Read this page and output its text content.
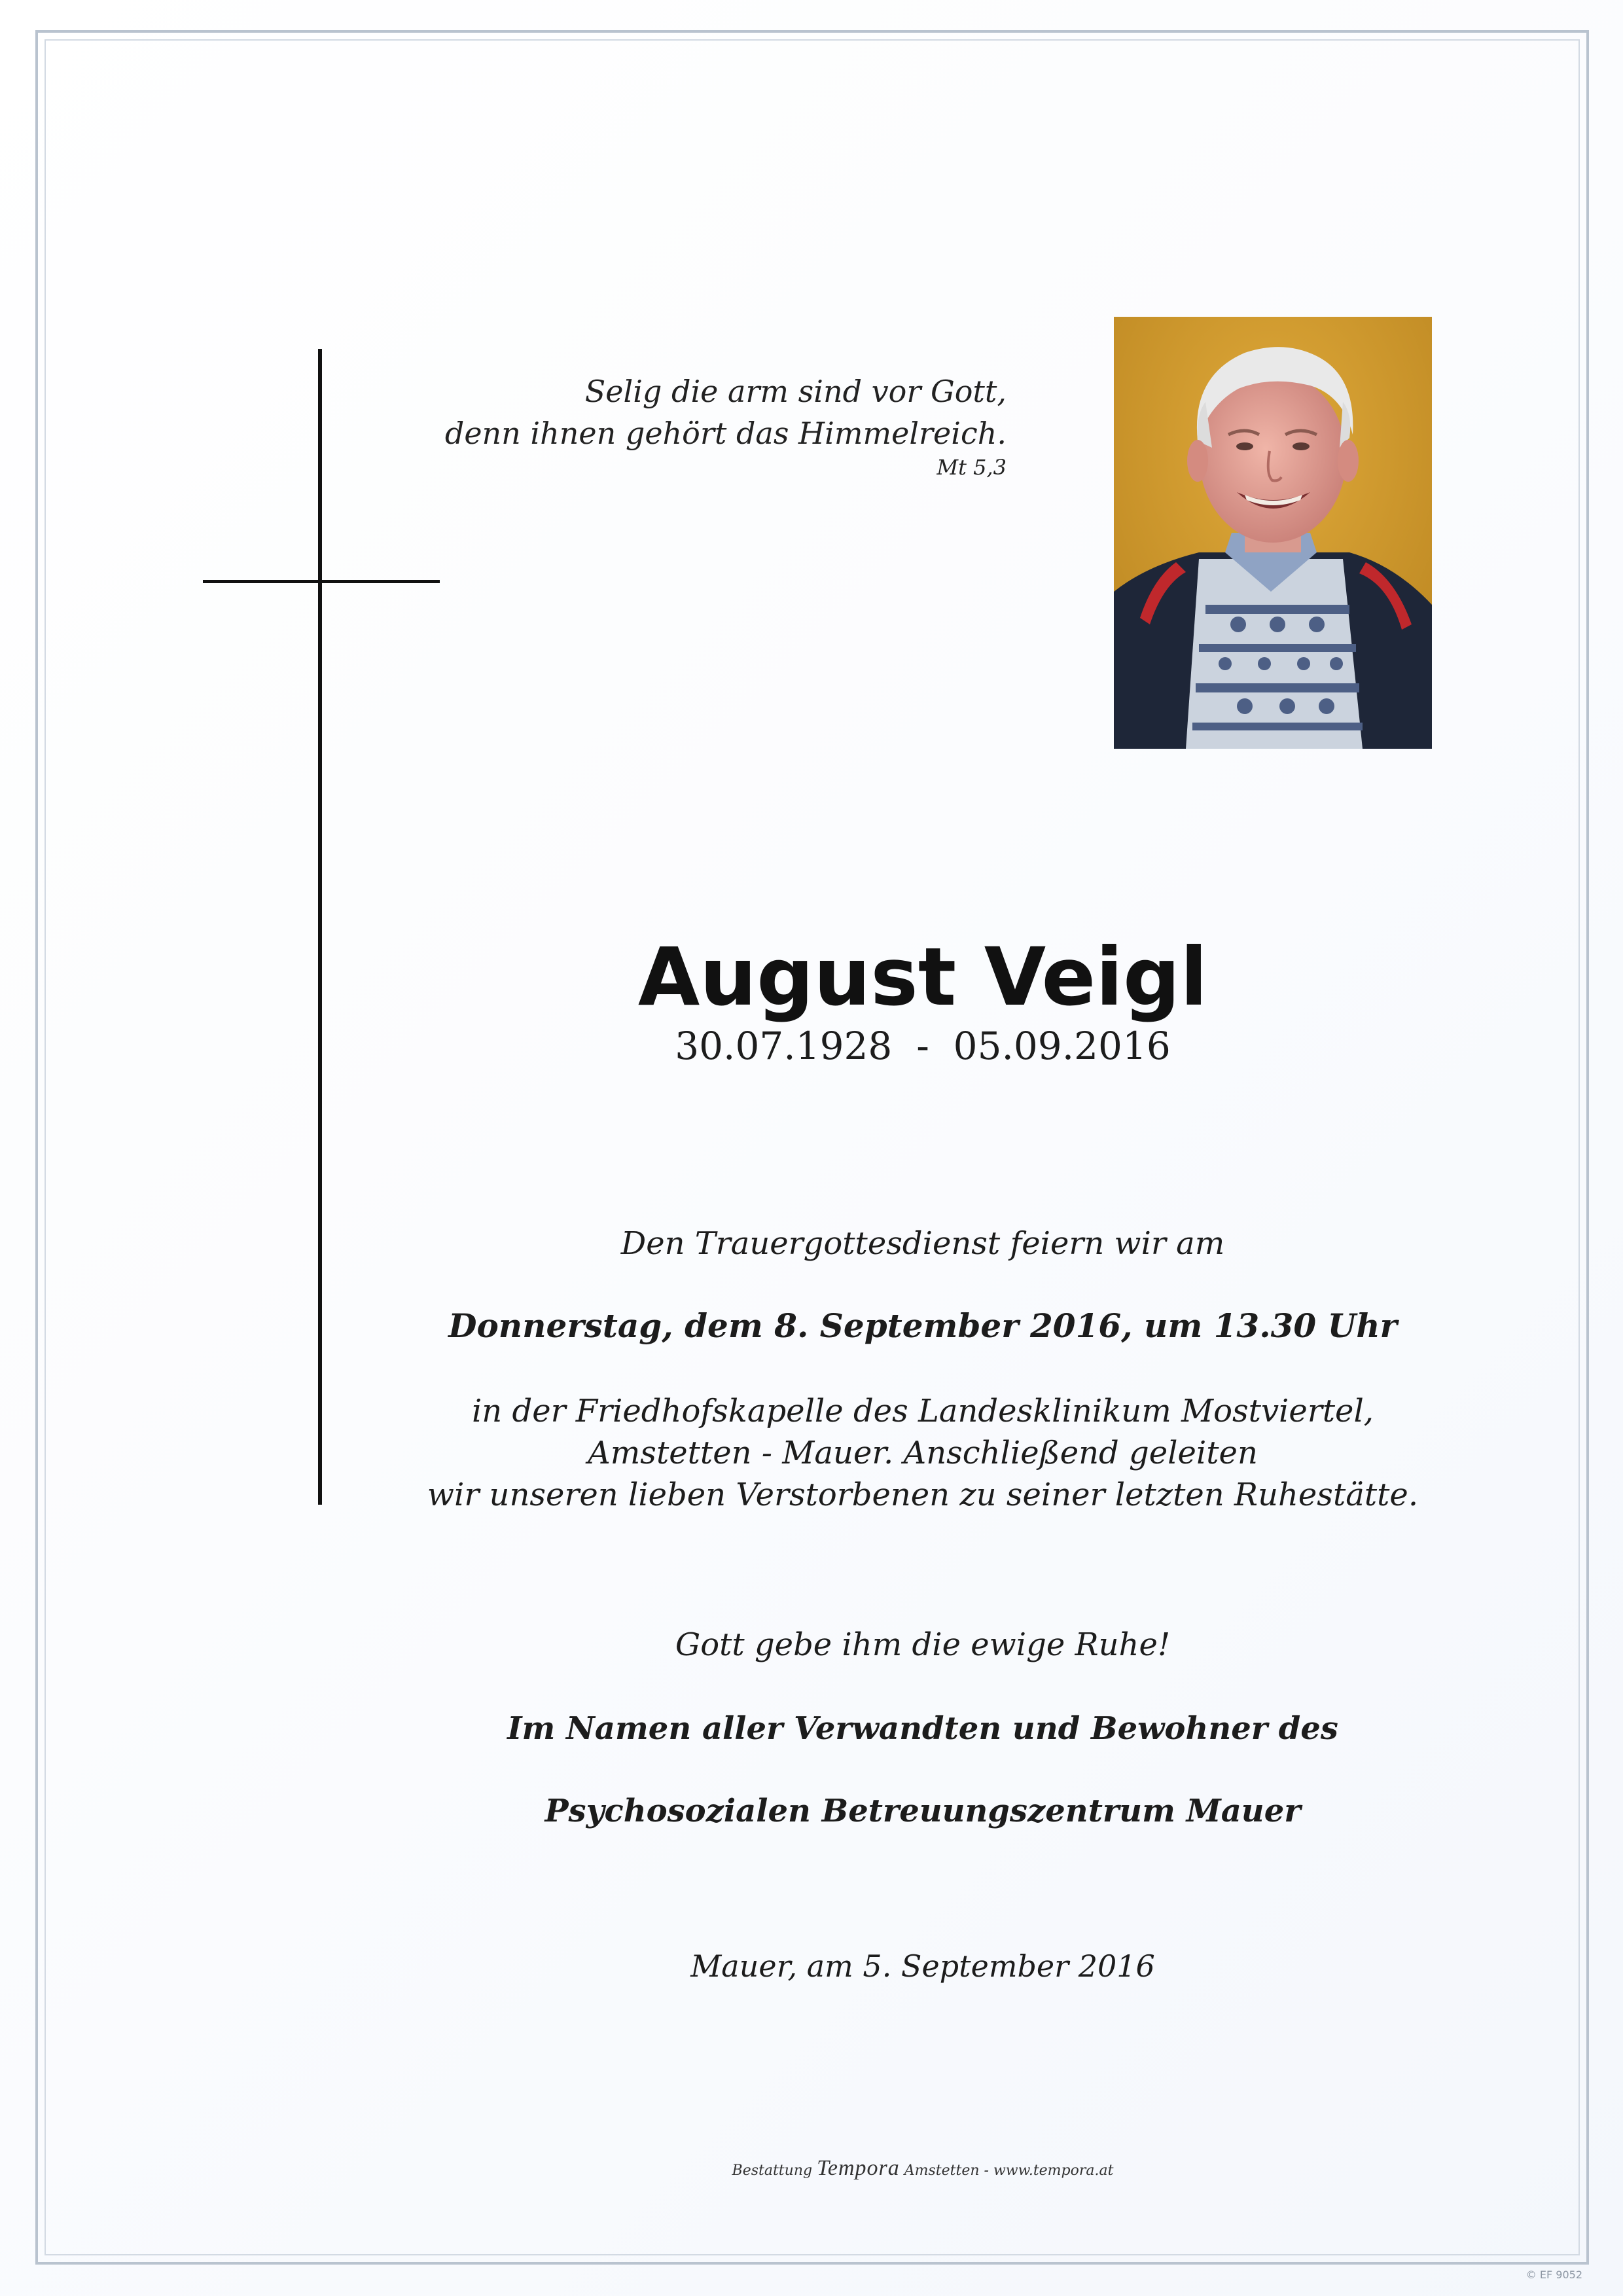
Selig die arm sind vor Gott,
denn ihnen gehört das Himmelreich.
Mt 5,3
August Veigl
30.07.1928  -  05.09.2016
Den Trauergottesdienst feiern wir am
Donnerstag, dem 8. September 2016, um 13.30 Uhr
in der Friedhofskapelle des Landesklinikum Mostviertel,
Amstetten - Mauer. Anschließend geleiten
wir unseren lieben Verstorbenen zu seiner letzten Ruhestätte.
Gott gebe ihm die ewige Ruhe!
Im Namen aller Verwandten und Bewohner des
Psychosozialen Betreuungszentrum Mauer
Mauer, am 5. September 2016
Bestattung Tempora Amstetten - www.tempora.at
© EF 9052
